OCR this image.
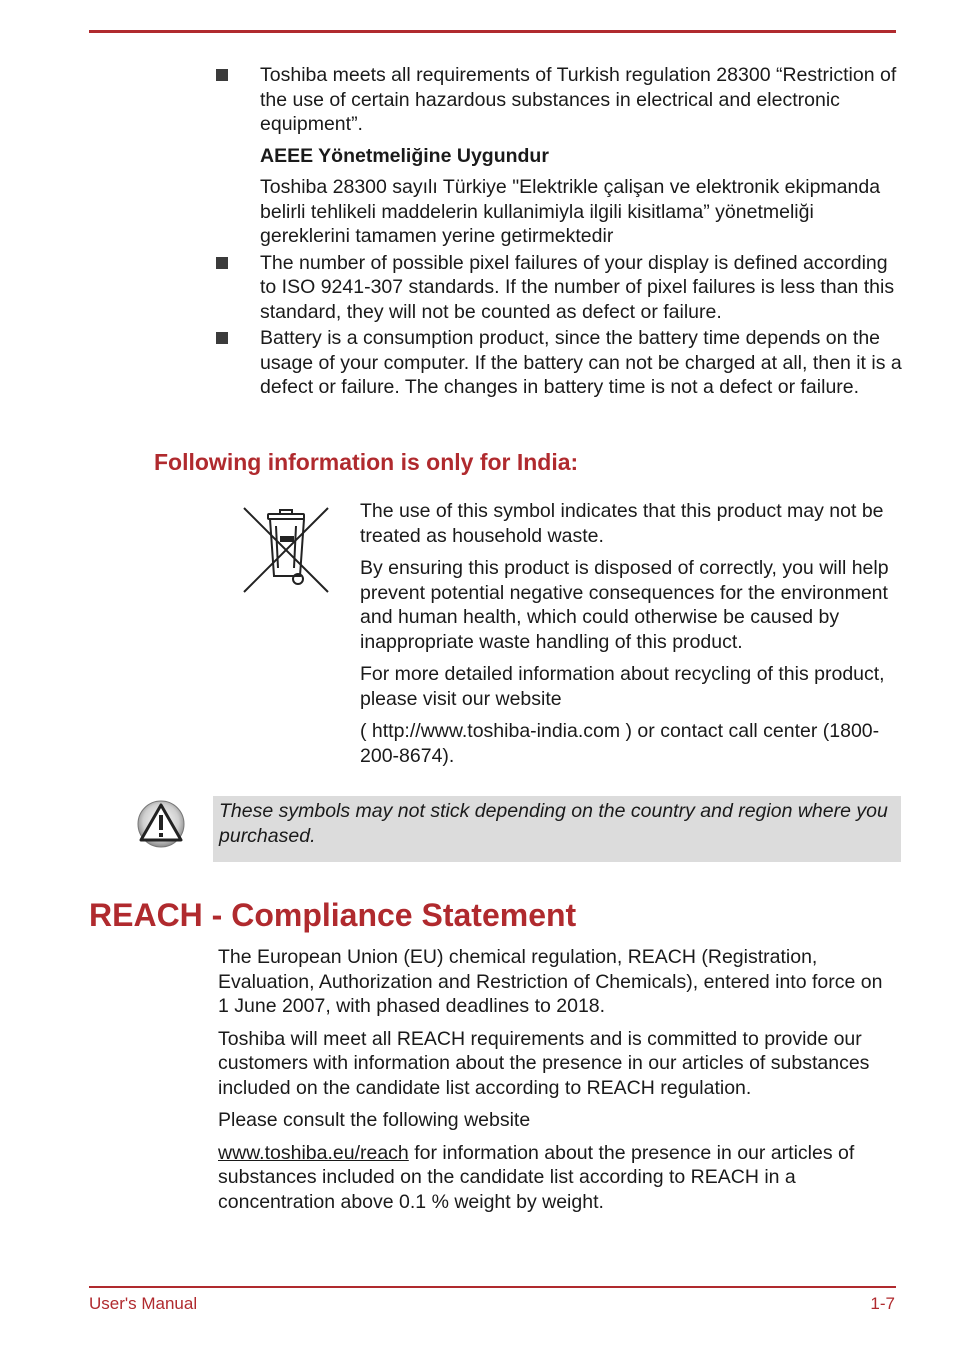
Toshiba meets all requirements of Turkish regulation 28300 “Restriction of the use of certain hazardous substances in electrical and electronic equipment”.
AEEE Yönetmeliğine Uygundur
Toshiba 28300 sayılı Türkiye "Elektrikle çalişan ve elektronik ekipmanda belirli tehlikeli maddelerin kullanimiyla ilgili kisitlama” yönetmeliği gereklerini tamamen yerine getirmektedir
The number of possible pixel failures of your display is defined according to ISO 9241-307 standards. If the number of pixel failures is less than this standard, they will not be counted as defect or failure.
Battery is a consumption product, since the battery time depends on the usage of your computer. If the battery can not be charged at all, then it is a defect or failure. The changes in battery time is not a defect or failure.
Following information is only for India:

The use of this symbol indicates that this product may not be treated as household waste.

By ensuring this product is disposed of correctly, you will help prevent potential negative consequences for the environment and human health, which could otherwise be caused by inappropriate waste handling of this product.

For more detailed information about recycling of this product, please visit our website

( http://www.toshiba-india.com ) or contact call center (1800-200-8674).

These symbols may not stick depending on the country and region where you purchased.
REACH - Compliance Statement

The European Union (EU) chemical regulation, REACH (Registration, Evaluation, Authorization and Restriction of Chemicals), entered into force on 1 June 2007, with phased deadlines to 2018.

Toshiba will meet all REACH requirements and is committed to provide our customers with information about the presence in our articles of substances included on the candidate list according to REACH regulation.

Please consult the following website

www.toshiba.eu/reach for information about the presence in our articles of substances included on the candidate list according to REACH in a concentration above 0.1 % weight by weight.

User's Manual	1-7
